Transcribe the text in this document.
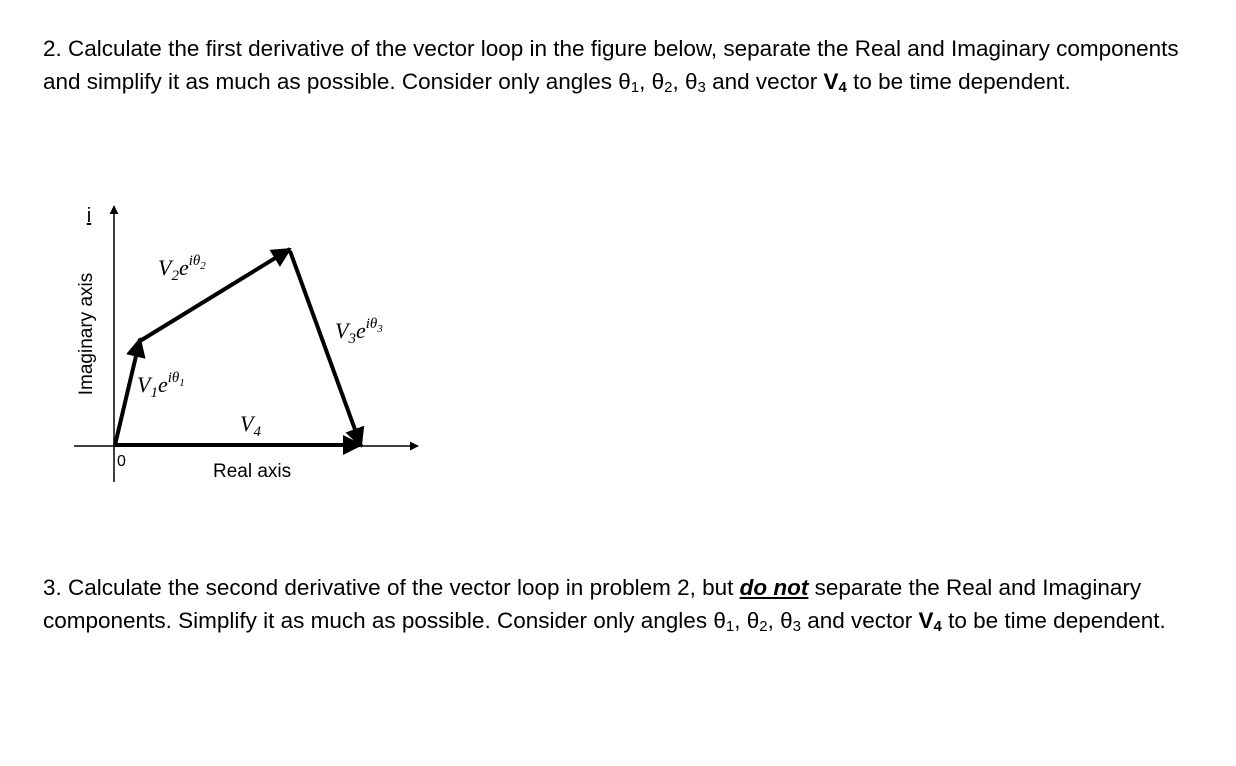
2. Calculate the first derivative of the vector loop in the figure below, separate the Real and Imaginary components and simplify it as much as possible. Consider only angles $\theta_1$, $\theta_2$, $\theta_3$ and vector $V_4$ to be time dependent.

Imaginary axis
i
0	Real axis
$V_2e^{i\theta}2$
$V_3e^{i\theta}3$
$V_1e^{i\theta}1$
$V_4$

3. Calculate the second derivative of the vector loop in problem 2, but do not separate the Real and Imaginary components. Simplify it as much as possible. Consider only angles $\theta_1$, $\theta_2$, $\theta_3$ and vector $V_4$ to be time dependent.
